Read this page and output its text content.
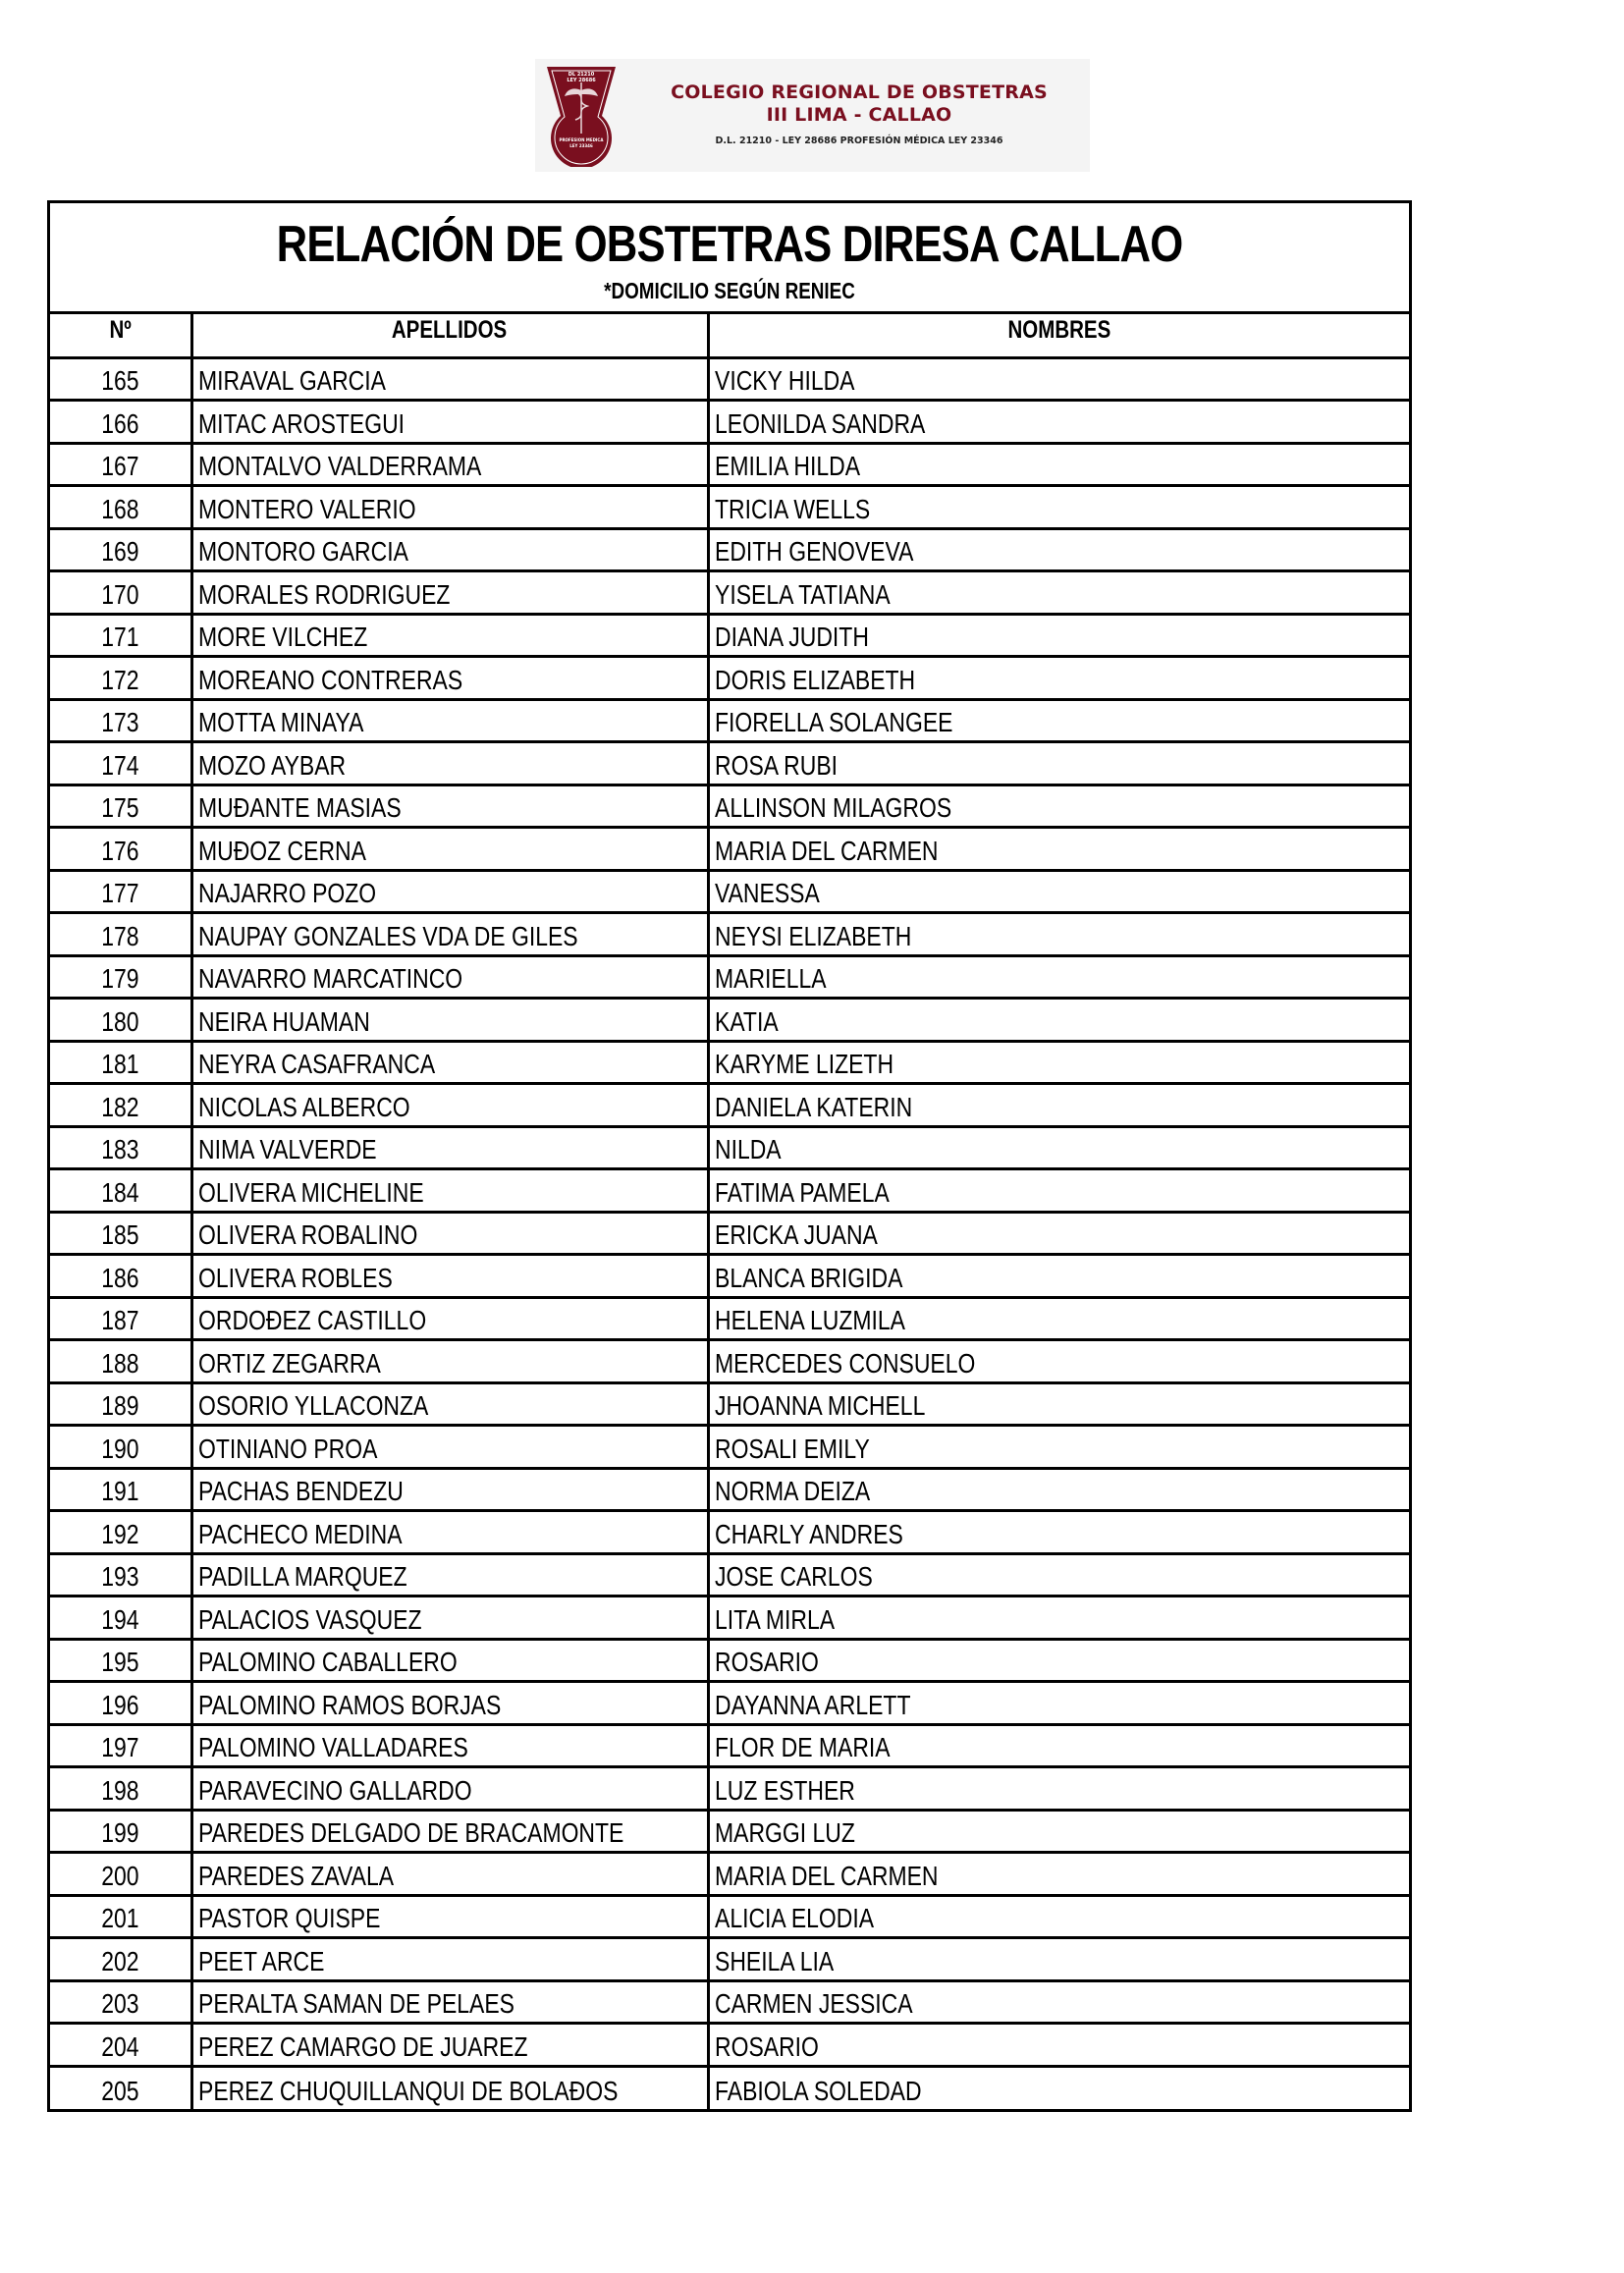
DL 21210
LEY 28686
PROFESION MEDICA
LEY 23346
COLEGIO REGIONAL DE OBSTETRAS
III LIMA - CALLAO
D.L. 21210 - LEY 28686 PROFESIÓN MÉDICA LEY 23346
RELACIÓN DE OBSTETRAS DIRESA CALLAO
*DOMICILIO SEGÚN RENIEC
Nº	APELLIDOS	NOMBRES
165	MIRAVAL GARCIA	VICKY HILDA
166	MITAC AROSTEGUI	LEONILDA SANDRA
167	MONTALVO VALDERRAMA	EMILIA HILDA
168	MONTERO VALERIO	TRICIA WELLS
169	MONTORO GARCIA	EDITH GENOVEVA
170	MORALES RODRIGUEZ	YISELA TATIANA
171	MORE VILCHEZ	DIANA JUDITH
172	MOREANO CONTRERAS	DORIS ELIZABETH
173	MOTTA MINAYA	FIORELLA SOLANGEE
174	MOZO AYBAR	ROSA RUBI
175	MUĐANTE MASIAS	ALLINSON MILAGROS
176	MUĐOZ CERNA	MARIA DEL CARMEN
177	NAJARRO POZO	VANESSA
178	NAUPAY GONZALES VDA DE GILES	NEYSI ELIZABETH
179	NAVARRO MARCATINCO	MARIELLA
180	NEIRA HUAMAN	KATIA
181	NEYRA CASAFRANCA	KARYME LIZETH
182	NICOLAS ALBERCO	DANIELA KATERIN
183	NIMA VALVERDE	NILDA
184	OLIVERA MICHELINE	FATIMA PAMELA
185	OLIVERA ROBALINO	ERICKA JUANA
186	OLIVERA ROBLES	BLANCA BRIGIDA
187	ORDOĐEZ CASTILLO	HELENA LUZMILA
188	ORTIZ ZEGARRA	MERCEDES CONSUELO
189	OSORIO YLLACONZA	JHOANNA MICHELL
190	OTINIANO PROA	ROSALI EMILY
191	PACHAS BENDEZU	NORMA DEIZA
192	PACHECO MEDINA	CHARLY ANDRES
193	PADILLA MARQUEZ	JOSE CARLOS
194	PALACIOS VASQUEZ	LITA MIRLA
195	PALOMINO CABALLERO	ROSARIO
196	PALOMINO RAMOS BORJAS	DAYANNA ARLETT
197	PALOMINO VALLADARES	FLOR DE MARIA
198	PARAVECINO GALLARDO	LUZ ESTHER
199	PAREDES DELGADO DE BRACAMONTE	MARGGI LUZ
200	PAREDES ZAVALA	MARIA DEL CARMEN
201	PASTOR QUISPE	ALICIA ELODIA
202	PEET ARCE	SHEILA LIA
203	PERALTA SAMAN DE PELAES	CARMEN JESSICA
204	PEREZ CAMARGO DE JUAREZ	ROSARIO
205	PEREZ CHUQUILLANQUI DE BOLAĐOS	FABIOLA SOLEDAD
